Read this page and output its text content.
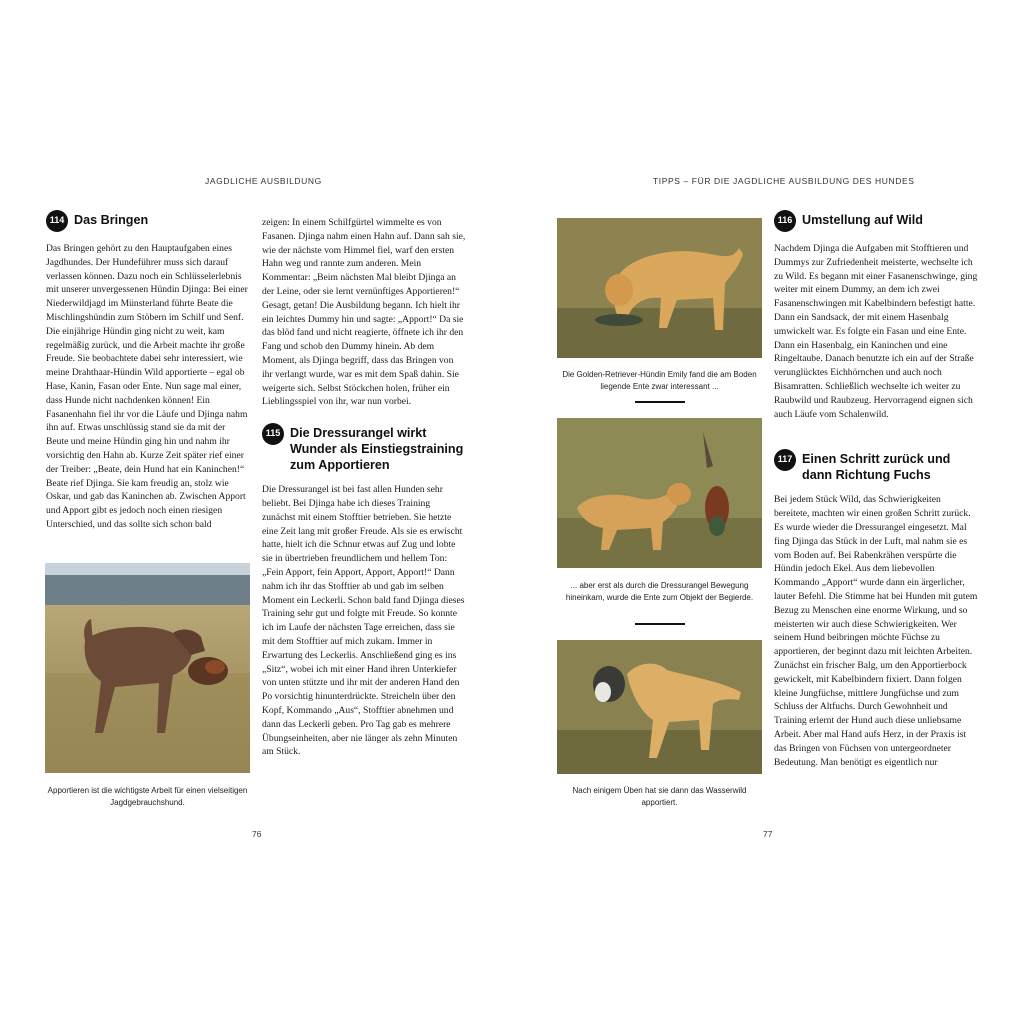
JAGDLICHE AUSBILDUNG
114 Das Bringen

Das Bringen gehört zu den Hauptaufgaben eines Jagdhundes. Der Hundeführer muss sich darauf verlassen können. Dazu noch ein Schlüsselerlebnis mit unserer unvergessenen Hündin Djinga: Bei einer Niederwildjagd im Münsterland führte Beate die Mischlingshündin zum Stöbern im Schilf und Senf. Die einjährige Hündin ging nicht zu weit, kam regelmäßig zurück, und die Arbeit machte ihr große Freude. Sie beobachtete dabei sehr interessiert, wie meine Drahthaar-Hündin Wild apportierte – egal ob Hase, Kanin, Fasan oder Ente. Nun sage mal einer, dass Hunde nicht nachdenken können! Ein Fasanenhahn fiel ihr vor die Läufe und Djinga nahm ihn auf. Etwas unschlüssig stand sie da mit der Beute und meine Hündin ging hin und nahm ihr vorsichtig den Hahn ab. Kurze Zeit später rief einer der Treiber: „Beate, dein Hund hat ein Kaninchen!“ Beate rief Djinga. Sie kam freudig an, stolz wie Oskar, und gab das Kaninchen ab. Zwischen Apport und Apport gibt es jedoch noch einen riesigen Unterschied, und das sollte sich schon bald

Apportieren ist die wichtigste Arbeit für einen vielseitigen Jagdgebrauchshund.

zeigen: In einem Schilfgürtel wimmelte es von Fasanen. Djinga nahm einen Hahn auf. Dann sah sie, wie der nächste vom Himmel fiel, warf den ersten Hahn weg und rannte zum anderen. Mein Kommentar: „Beim nächsten Mal bleibt Djinga an der Leine, oder sie lernt vernünftiges Apportieren!“ Gesagt, getan! Die Ausbildung begann. Ich hielt ihr ein leichtes Dummy hin und sagte: „Apport!“ Da sie das blöd fand und nicht reagierte, öffnete ich ihr den Fang und schob den Dummy hinein. Ab dem Moment, als Djinga begriff, dass das Bringen von ihr verlangt wurde, war es mit dem Spaß dahin. Sie weigerte sich. Selbst Stöckchen holen, früher ein Lieblingsspiel von ihr, war nun vorbei.

115 Die Dressurangel wirkt Wunder als Einstiegstraining zum Apportieren

Die Dressurangel ist bei fast allen Hunden sehr beliebt. Bei Djinga habe ich dieses Training zunächst mit einem Stofftier betrieben. Sie hetzte eine Zeit lang mit großer Freude. Als sie es erwischt hatte, hielt ich die Schnur etwas auf Zug und lobte sie in übertrieben freundlichem und hellem Ton: „Fein Apport, fein Apport, Apport, Apport!“ Dann nahm ich ihr das Stofftier ab und gab im selben Moment ein Leckerli. Schon bald fand Djinga dieses Training sehr gut und folgte mit Freude. So konnte ich im Laufe der nächsten Tage erreichen, dass sie mit dem Stofftier auf mich zukam. Immer in Erwartung des Leckerlis. Anschließend ging es ins „Sitz“, wobei ich mit einer Hand ihren Unterkiefer von unten stützte und ihr mit der anderen Hand den Po vorsichtig hinunterdrückte. Streicheln über den Kopf, Kommando „Aus“, Stofftier abnehmen und dann das Leckerli geben. Pro Tag gab es mehrere Übungseinheiten, aber nie länger als zehn Minuten am Stück.

76
TIPPS – FÜR DIE JAGDLICHE AUSBILDUNG DES HUNDES
Die Golden-Retriever-Hündin Emily fand die am Boden liegende Ente zwar interessant ...
... aber erst als durch die Dressurangel Bewegung hineinkam, wurde die Ente zum Objekt der Begierde.
Nach einigem Üben hat sie dann das Wasserwild apportiert.
116 Umstellung auf Wild

Nachdem Djinga die Aufgaben mit Stofftieren und Dummys zur Zufriedenheit meisterte, wechselte ich zu Wild. Es begann mit einer Fasanenschwinge, ging weiter mit einem Dummy, an dem ich zwei Fasanenschwingen mit Kabelbindern befestigt hatte. Dann ein Sandsack, der mit einem Hasenbalg umwickelt war. Es folgte ein Fasan und eine Ente. Dann ein Hasenbalg, ein Kaninchen und eine Ringeltaube. Danach benutzte ich ein auf der Straße verunglücktes Eichhörnchen und auch noch Bisamratten. Schließlich wechselte ich weiter zu Raubwild und Raubzeug. Hervorragend eignen sich auch Läufe vom Schalenwild.

117 Einen Schritt zurück und dann Richtung Fuchs

Bei jedem Stück Wild, das Schwierigkeiten bereitete, machten wir einen großen Schritt zurück. Es wurde wieder die Dressurangel eingesetzt. Mal fing Djinga das Stück in der Luft, mal nahm sie es vom Boden auf. Bei Rabenkrähen verspürte die Hündin jedoch Ekel. Aus dem liebevollen Kommando „Apport“ wurde dann ein ärgerlicher, lauter Befehl. Die Stimme hat bei Hunden mit gutem Bezug zu Menschen eine enorme Wirkung, und so meisterten wir auch diese Schwierigkeiten. Wer seinem Hund beibringen möchte Füchse zu apportieren, der beginnt dazu mit leichten Arbeiten. Zunächst ein frischer Balg, um den Apportierbock gewickelt, mit Kabelbindern fixiert. Dann folgen kleine Jungfüchse, mittlere Jungfüchse und zum Schluss der Altfuchs. Durch Gewohnheit und Training erlernt der Hund auch diese unliebsame Arbeit. Aber mal Hand aufs Herz, in der Praxis ist das Bringen von Füchsen von untergeordneter Bedeutung. Man benötigt es eigentlich nur

77
